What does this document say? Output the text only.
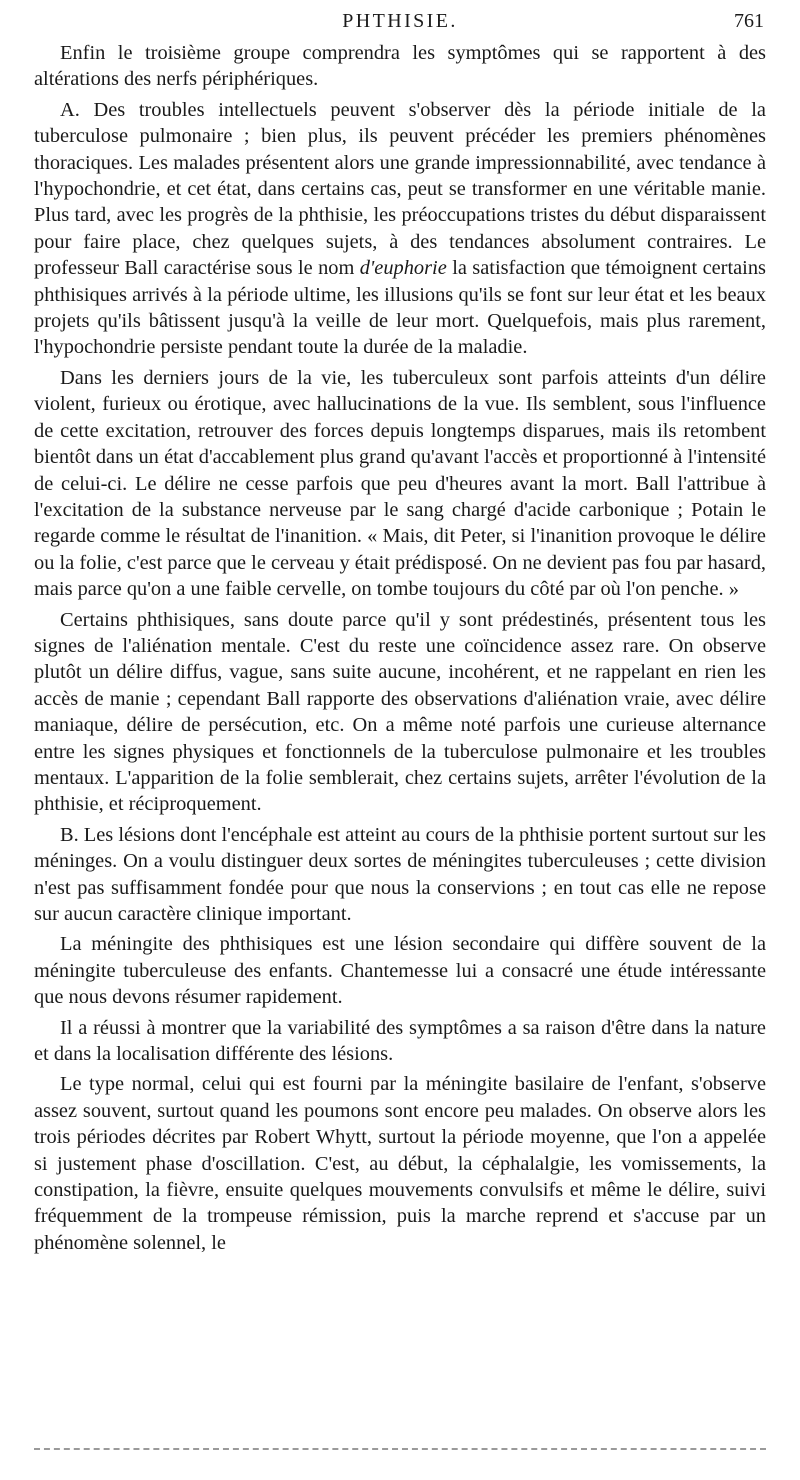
PHTHISIE.	761

Enfin le troisième groupe comprendra les symptômes qui se rapportent à des altérations des nerfs périphériques.

A. Des troubles intellectuels peuvent s'observer dès la période initiale de la tuberculose pulmonaire ; bien plus, ils peuvent précéder les premiers phénomènes thoraciques. Les malades présentent alors une grande impressionnabilité, avec tendance à l'hypochondrie, et cet état, dans certains cas, peut se transformer en une véritable manie. Plus tard, avec les progrès de la phthisie, les préoccupations tristes du début disparaissent pour faire place, chez quelques sujets, à des tendances absolument contraires. Le professeur Ball caractérise sous le nom d'euphorie la satisfaction que témoignent certains phthisiques arrivés à la période ultime, les illusions qu'ils se font sur leur état et les beaux projets qu'ils bâtissent jusqu'à la veille de leur mort. Quelquefois, mais plus rarement, l'hypochondrie persiste pendant toute la durée de la maladie.

Dans les derniers jours de la vie, les tuberculeux sont parfois atteints d'un délire violent, furieux ou érotique, avec hallucinations de la vue. Ils semblent, sous l'influence de cette excitation, retrouver des forces depuis longtemps disparues, mais ils retombent bientôt dans un état d'accablement plus grand qu'avant l'accès et proportionné à l'intensité de celui-ci. Le délire ne cesse parfois que peu d'heures avant la mort. Ball l'attribue à l'excitation de la substance nerveuse par le sang chargé d'acide carbonique ; Potain le regarde comme le résultat de l'inanition. « Mais, dit Peter, si l'inanition provoque le délire ou la folie, c'est parce que le cerveau y était prédisposé. On ne devient pas fou par hasard, mais parce qu'on a une faible cervelle, on tombe toujours du côté par où l'on penche. »

Certains phthisiques, sans doute parce qu'il y sont prédestinés, présentent tous les signes de l'aliénation mentale. C'est du reste une coïncidence assez rare. On observe plutôt un délire diffus, vague, sans suite aucune, incohérent, et ne rappelant en rien les accès de manie ; cependant Ball rapporte des observations d'aliénation vraie, avec délire maniaque, délire de persécution, etc. On a même noté parfois une curieuse alternance entre les signes physiques et fonctionnels de la tuberculose pulmonaire et les troubles mentaux. L'apparition de la folie semblerait, chez certains sujets, arrêter l'évolution de la phthisie, et réciproquement.

B. Les lésions dont l'encéphale est atteint au cours de la phthisie portent surtout sur les méninges. On a voulu distinguer deux sortes de méningites tuberculeuses ; cette division n'est pas suffisamment fondée pour que nous la conservions ; en tout cas elle ne repose sur aucun caractère clinique important.

La méningite des phthisiques est une lésion secondaire qui diffère souvent de la méningite tuberculeuse des enfants. Chantemesse lui a consacré une étude intéressante que nous devons résumer rapidement.

Il a réussi à montrer que la variabilité des symptômes a sa raison d'être dans la nature et dans la localisation différente des lésions.

Le type normal, celui qui est fourni par la méningite basilaire de l'enfant, s'observe assez souvent, surtout quand les poumons sont encore peu malades. On observe alors les trois périodes décrites par Robert Whytt, surtout la période moyenne, que l'on a appelée si justement phase d'oscillation. C'est, au début, la céphalalgie, les vomissements, la constipation, la fièvre, ensuite quelques mouvements convulsifs et même le délire, suivi fréquemment de la trompeuse rémission, puis la marche reprend et s'accuse par un phénomène solennel, le
